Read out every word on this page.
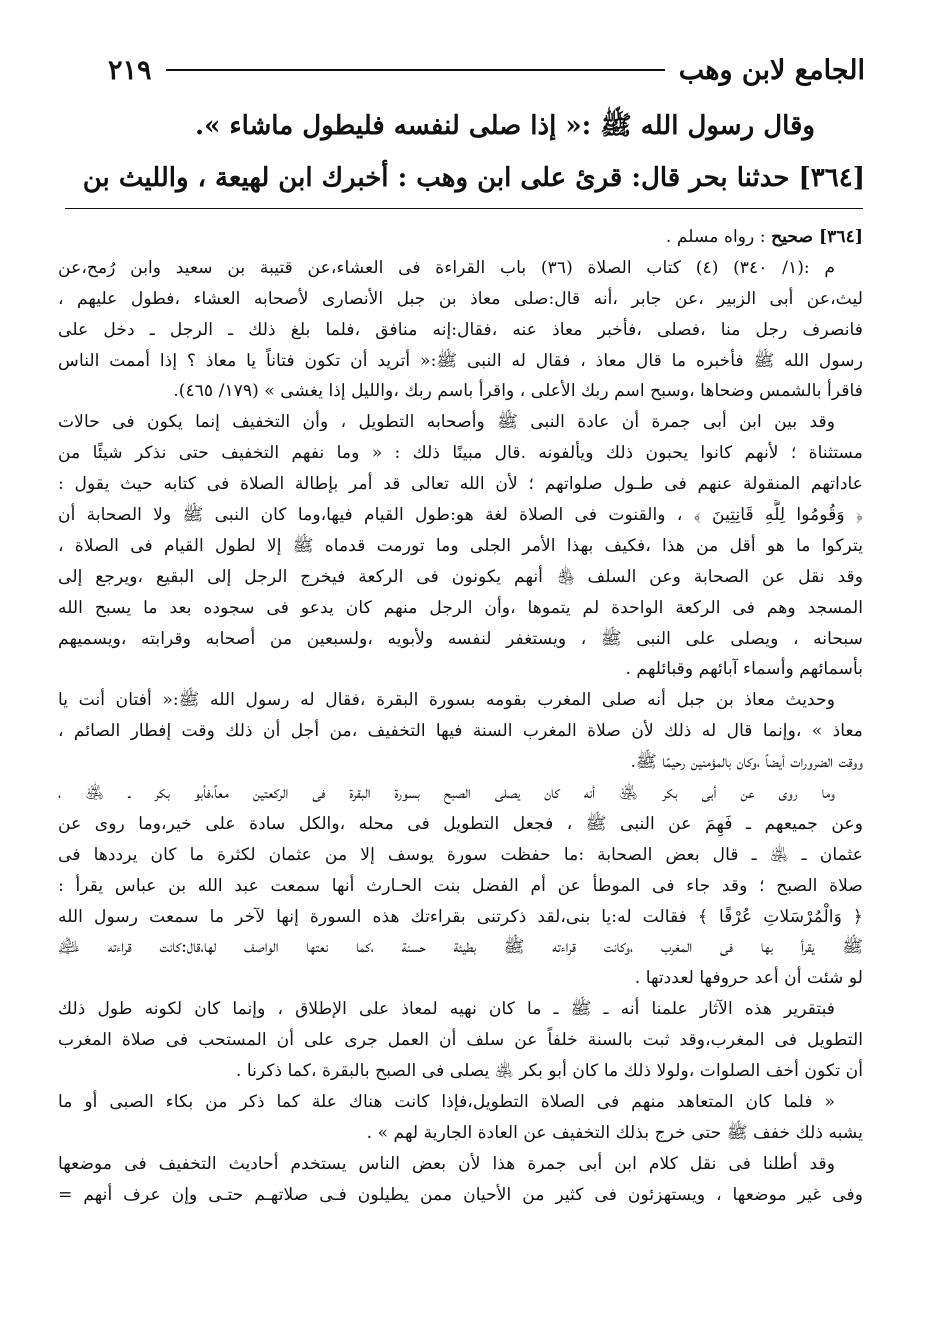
الجامع لابن وهب
٢١٩

وقال رسول الله ﷺ :« إذا صلى لنفسه فليطول ماشاء ».

[٣٦٤] حدثنا بحر قال: قرئ على ابن وهب : أخبرك ابن لهيعة ، والليث بن

[٣٦٤] صحيح : رواه مسلم .
م :(١/ ٣٤٠) (٤) كتاب الصلاة (٣٦) باب القراءة فى العشاء،عن قتيبة بن سعيد وابن رُمح،عن
ليث،عن أبى الزبير ،عن جابر ،أنه قال:صلى معاذ بن جبل الأنصارى لأصحابه العشاء ،فطول عليهم ،
فانصرف رجل منا ،فصلى ،فأخبر معاذ عنه ،فقال:إنه منافق ،فلما بلغ ذلك ـ الرجل ـ دخل على
رسول الله ﷺ فأخبره ما قال معاذ ، فقال له النبى ﷺ:« أتريد أن تكون فتاناً يا معاذ ؟ إذا أممت الناس
فاقرأ بالشمس وضحاها ،وسبح اسم ربك الأعلى ، واقرأ باسم ربك ،والليل إذا يغشى » (١٧٩/ ٤٦٥).
وقد بين ابن أبى جمرة أن عادة النبى ﷺ وأصحابه التطويل ، وأن التخفيف إنما يكون فى حالات
مستثناة ؛ لأنهم كانوا يحبون ذلك ويألفونه .قال مبينًا ذلك : « وما نفهم التخفيف حتى نذكر شيئًا من
عاداتهم المنقولة عنهم فى طـول صلواتهم ؛ لأن الله تعالى قد أمر بإطالة الصلاة فى كتابه حيث يقول :
﴿ وَقُومُوا لِلَّهِ قَانِتِينَ ﴾ ، والقنوت فى الصلاة لغة هو:طول القيام فيها،وما كان النبى ﷺ ولا الصحابة أن
يتركوا ما هو أقل من هذا ،فكيف بهذا الأمر الجلى وما تورمت قدماه ﷺ إلا لطول القيام فى الصلاة ،
وقد نقل عن الصحابة وعن السلف ﵃ أنهم يكونون فى الركعة فيخرج الرجل إلى البقيع ،ويرجع إلى
المسجد وهم فى الركعة الواحدة لم يتموها ،وأن الرجل منهم كان يدعو فى سجوده بعد ما يسبح الله
سبحانه ، ويصلى على النبى ﷺ ، ويستغفر لنفسه ولأبويه ،ولسبعين من أصحابه وقرابته ،ويسميهم
بأسمائهم وأسماء آبائهم وقبائلهم .
وحديث معاذ بن جبل أنه صلى المغرب بقومه بسورة البقرة ،فقال له رسول الله ﷺ:« أفتان أنت يا
معاذ » ،وإنما قال له ذلك لأن صلاة المغرب السنة فيها التخفيف ،من أجل أن ذلك وقت إفطار الصائم ،
ووقت الضرورات أيضاً ،وكان بالمؤمنين رحيمًا ﷺ.
وما روى عن أبى بكر ﵁ أنه كان يصلى الصبح بسورة البقرة فى الركعتين معاً،فأبو بكر ـ ﵁ ،
وعن جميعهم ـ فَهِمَ عن النبى ﷺ ، فجعل التطويل فى محله ،والكل سادة على خير،وما روى عن
عثمان ـ ﵁ ـ قال بعض الصحابة :ما حفظت سورة يوسف إلا من عثمان لكثرة ما كان يرددها فى
صلاة الصبح ؛ وقد جاء فى الموطأ عن أم الفضل بنت الحـارث أنها سمعت عبد الله بن عباس يقرأ :
﴿ وَالْمُرْسَلاتِ عُرْفًا ﴾ فقالت له:يا بنى،لقد ذكرتنى بقراءتك هذه السورة إنها لآخر ما سمعت رسول الله
ﷺ يقرأ بها فى المغرب ،وكانت قراءته ﷺ بطيئة حسنة ،كما نعتها الواصف لها،قال:كانت قراءته ﵇
لو شئت أن أعد حروفها لعددتها .
فبتقرير هذه الآثار علمنا أنه ـ ﷺ ـ ما كان نهيه لمعاذ على الإطلاق ، وإنما كان لكونه طول ذلك
التطويل فى المغرب،وقد ثبت بالسنة خلفاً عن سلف أن العمل جرى على أن المستحب فى صلاة المغرب
أن تكون أخف الصلوات ،ولولا ذلك ما كان أبو بكر ﵁ يصلى فى الصبح بالبقرة ،كما ذكرنا .
« فلما كان المتعاهد منهم فى الصلاة التطويل،فإذا كانت هناك علة كما ذكر من بكاء الصبى أو ما
يشبه ذلك خفف ﷺ حتى خرج بذلك التخفيف عن العادة الجارية لهم » .
وقد أطلنا فى نقل كلام ابن أبى جمرة هذا لأن بعض الناس يستخدم أحاديث التخفيف فى موضعها
وفى غير موضعها ، ويستهزئون فى كثير من الأحيان ممن يطيلون فـى صلاتهـم حتـى وإن عرف أنهم =
